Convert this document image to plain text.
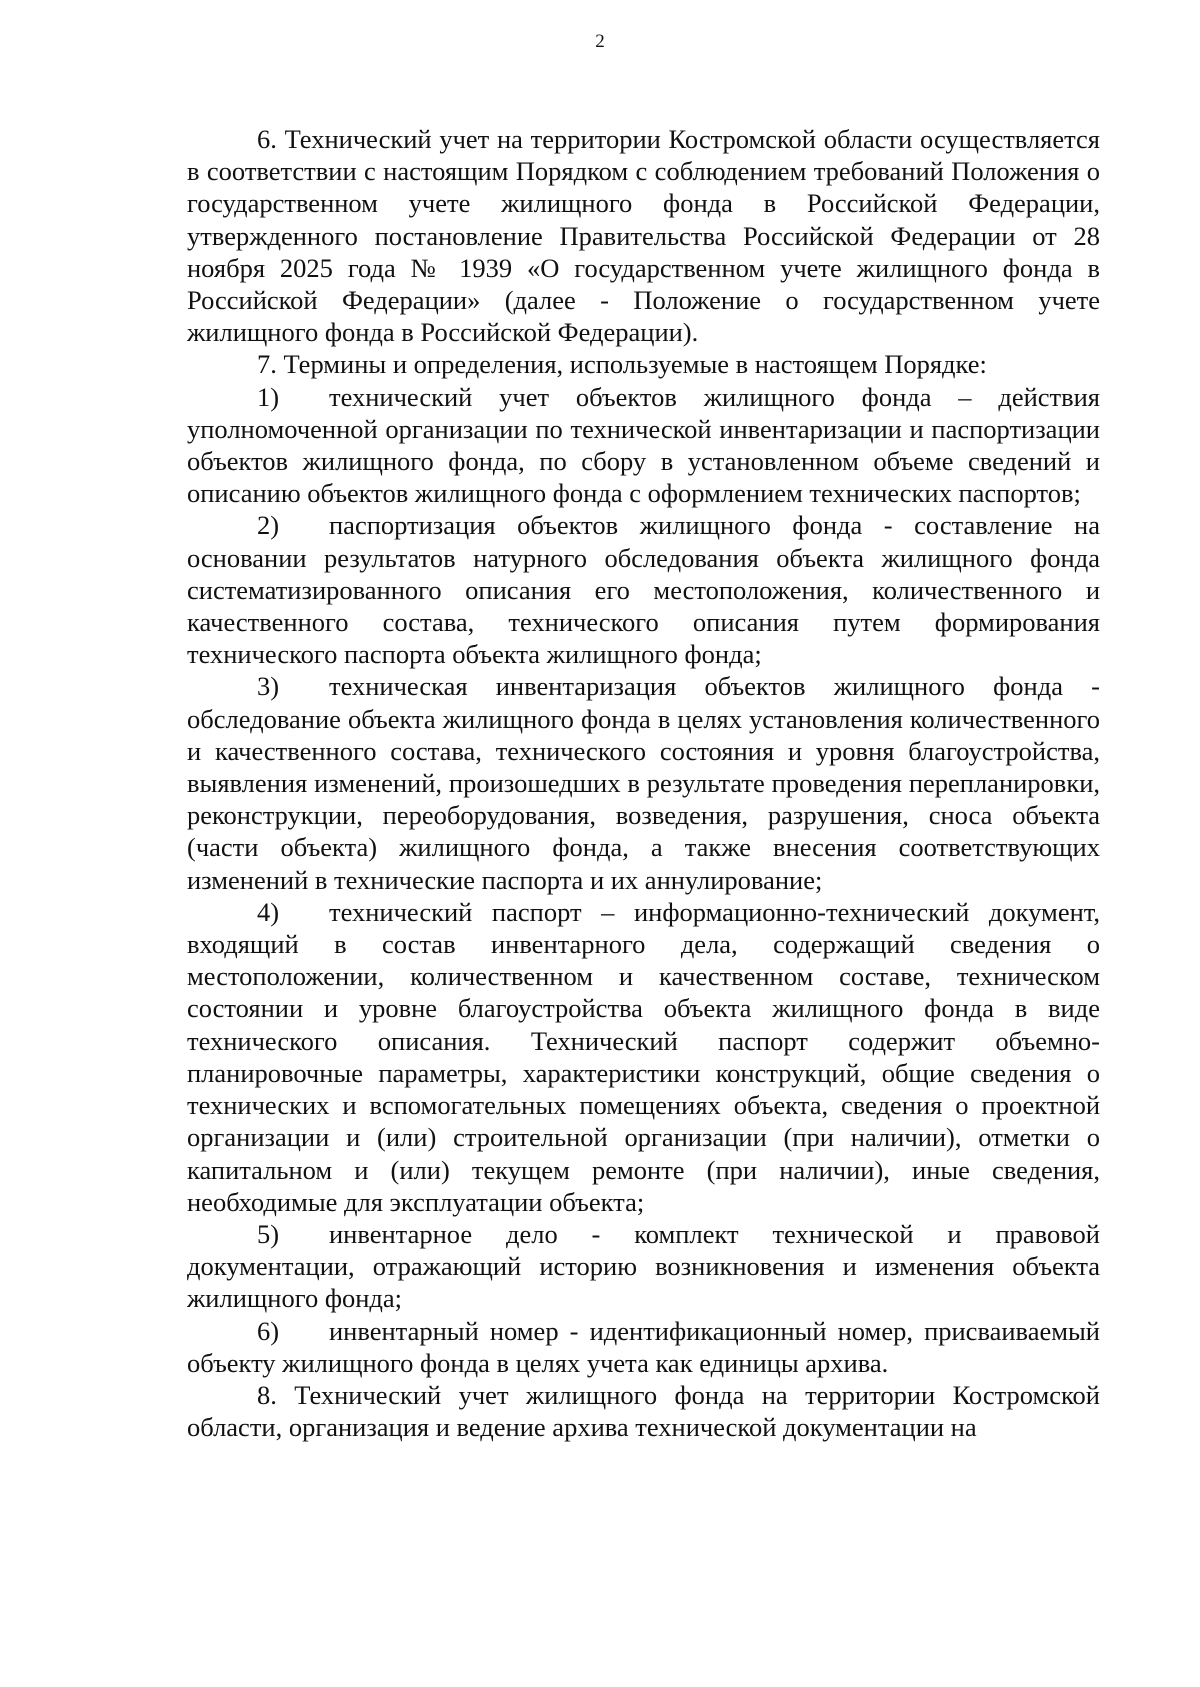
2

6. Технический учет на территории Костромской области осуществляется в соответствии с настоящим Порядком с соблюдением требований Положения о государственном учете жилищного фонда в Российской Федерации, утвержденного постановление Правительства Российской Федерации от 28 ноября 2025 года № 1939 «О государственном учете жилищного фонда в Российской Федерации» (далее - Положение о государственном учете жилищного фонда в Российской Федерации).

7. Термины и определения, используемые в настоящем Порядке:

1) технический учет объектов жилищного фонда – действия уполномоченной организации по технической инвентаризации и паспортизации объектов жилищного фонда, по сбору в установленном объеме сведений и описанию объектов жилищного фонда с оформлением технических паспортов;

2) паспортизация объектов жилищного фонда - составление на основании результатов натурного обследования объекта жилищного фонда систематизированного описания его местоположения, количественного и качественного состава, технического описания путем формирования технического паспорта объекта жилищного фонда;

3) техническая инвентаризация объектов жилищного фонда - обследование объекта жилищного фонда в целях установления количественного и качественного состава, технического состояния и уровня благоустройства, выявления изменений, произошедших в результате проведения перепланировки, реконструкции, переоборудования, возведения, разрушения, сноса объекта (части объекта) жилищного фонда, а также внесения соответствующих изменений в технические паспорта и их аннулирование;

4) технический паспорт – информационно-технический документ, входящий в состав инвентарного дела, содержащий сведения о местоположении, количественном и качественном составе, техническом состоянии и уровне благоустройства объекта жилищного фонда в виде технического описания. Технический паспорт содержит объемно-планировочные параметры, характеристики конструкций, общие сведения о технических и вспомогательных помещениях объекта, сведения о проектной организации и (или) строительной организации (при наличии), отметки о капитальном и (или) текущем ремонте (при наличии), иные сведения, необходимые для эксплуатации объекта;

5) инвентарное дело - комплект технической и правовой документации, отражающий историю возникновения и изменения объекта жилищного фонда;

6) инвентарный номер - идентификационный номер, присваиваемый объекту жилищного фонда в целях учета как единицы архива.

8. Технический учет жилищного фонда на территории Костромской области, организация и ведение архива технической документации на
